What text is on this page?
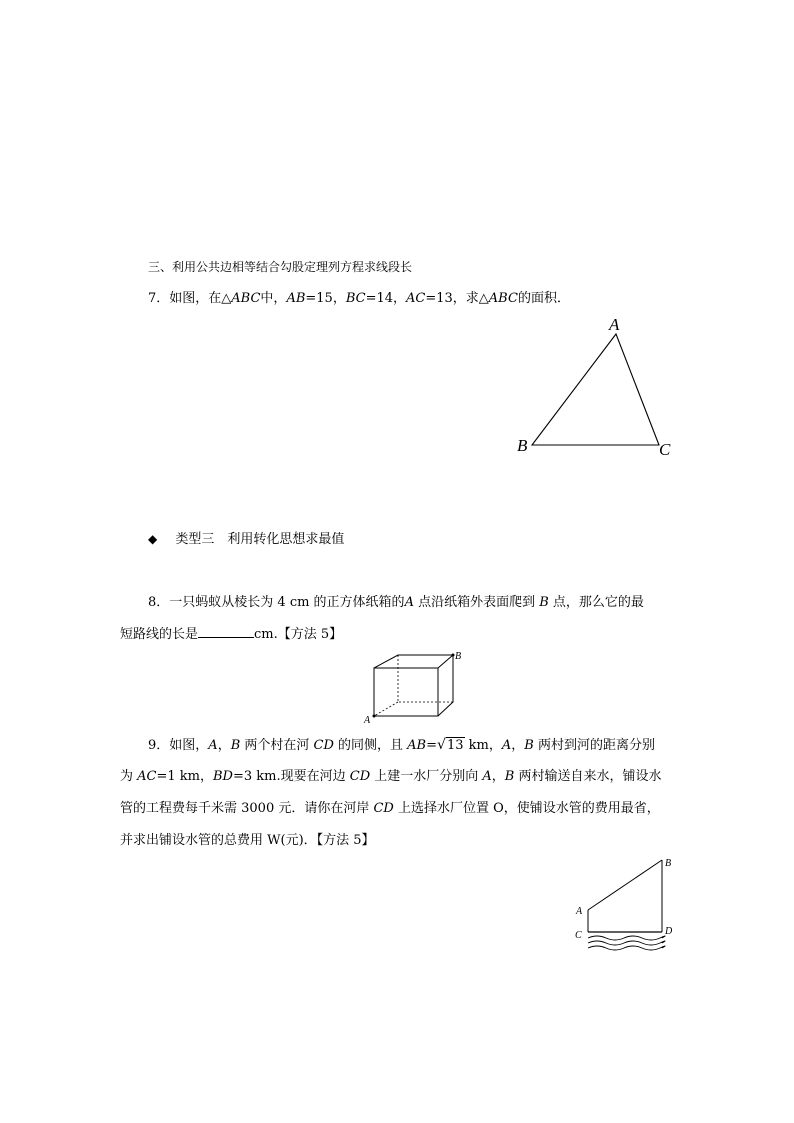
三、利用公共边相等结合勾股定理列方程求线段长
7．如图，在△ABC中，AB=15，BC=14，AC=13，求△ABC的面积．
A
B	C
◆ 类型三　利用转化思想求最值
8．一只蚂蚁从棱长为 4 cm 的正方体纸箱的A 点沿纸箱外表面爬到 B 点，那么它的最
短路线的长是	cm.【方法 5】
A
B
9．如图，A，B 两个村在河 CD 的同侧，且 AB=√13 km，A，B 两村到河的距离分别
为 AC=1 km，BD=3 km.现要在河边 CD 上建一水厂分别向 A，B 两村输送自来水，铺设水
管的工程费每千米需 3000 元．请你在河岸 CD 上选择水厂位置 O，使铺设水管的费用最省，
并求出铺设水管的总费用 W(元)．【方法 5】
A
B
C	D
